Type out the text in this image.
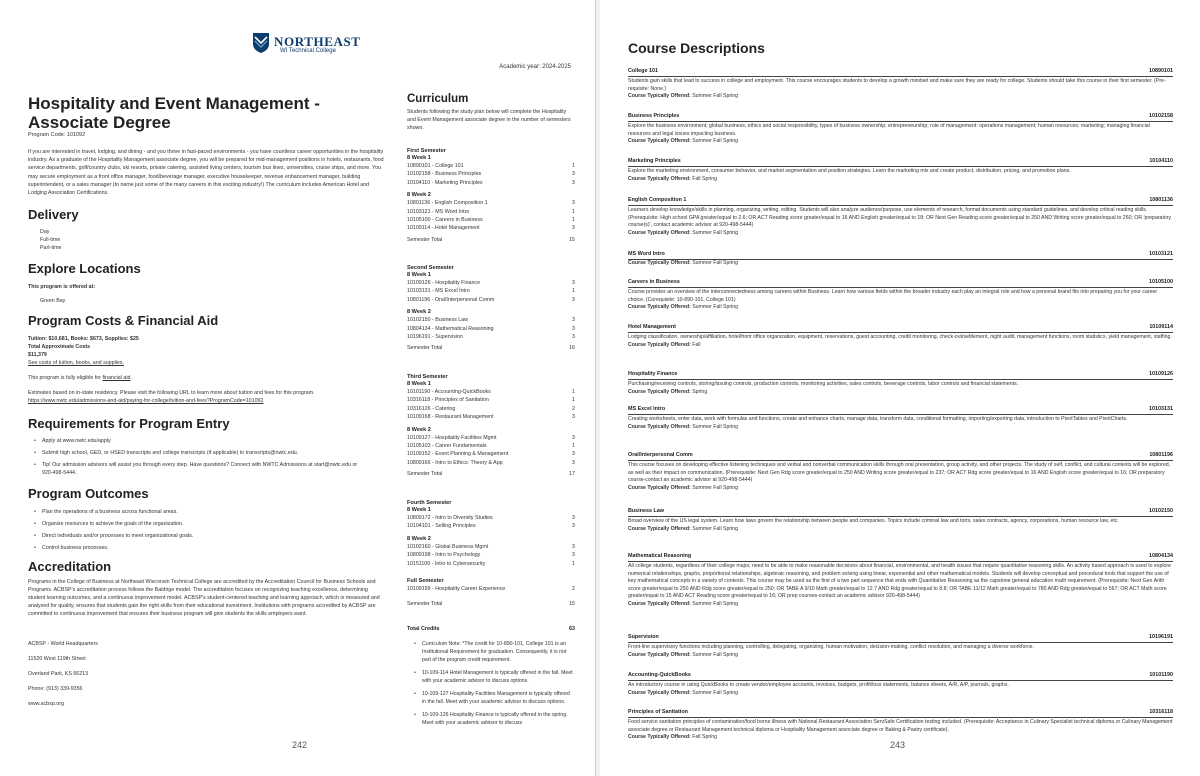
NORTHEAST
WI Technical College
Academic year: 2024-2025
Hospitality and Event Management - Associate Degree
Program Code: 101092
If you are interested in travel, lodging, and dining - and you thrive in fast-paced environments - you have countless career opportunities in the hospitality industry. As a graduate of the Hospitality Management associate degree, you will be prepared for mid-management positions in hotels, restaurants, food service departments, golf/country clubs, ski resorts, private catering, assisted living centers, tourism bus lines, universities, cruise ships, and more. You may secure employment as a front office manager, food/beverage manager, executive housekeeper, revenue enhancement manager, building superintendent, or a sales manager (to name just some of the many careers in this exciting industry!) The curriculum includes American Hotel and Lodging Association Certifications.
Delivery
Day
Full-time
Part-time
Explore Locations
This program is offered at:
Green Bay
Program Costs & Financial Aid
Tuition: $10,681, Books: $673, Supplies: $25
Total Approximate Costs
$11,379
See costs of tuition, books, and supplies.
This program is fully eligible for financial aid.
Estimates based on in-state residency. Please visit the following URL to learn more about tuition and fees for this program.
https://www.nwtc.edu/admissions-and-aid/paying-for-college/tuition-and-fees?ProgramCode=101092
Requirements for Program Entry
• Apply at www.nwtc.edu/apply
• Submit high school, GED, or HSED transcripts and college transcripts (if applicable) to transcripts@nwtc.edu.
• Tip! Our admission advisors will assist you through every step. Have questions? Connect with NWTC Admissions at start@nwtc.edu or 920-498-5444.
Program Outcomes
• Plan the operations of a business across functional areas.
• Organize resources to achieve the goals of the organization.
• Direct individuals and/or processes to meet organizational goals.
• Control business processes.
Accreditation
Programs in the College of Business at Northeast Wisconsin Technical College are accredited by the Accreditation Council for Business Schools and Programs. ACBSP's accreditation process follows the Baldrige model. The accreditation focuses on recognizing teaching excellence, determining student learning outcomes, and a continuous improvement model. ACBSP's student-centered teaching and learning approach, which is measured and analyzed for quality, ensures that students gain the right skills from their educational investment. Institutions with programs accredited by ACBSP are committed to continuous improvement that ensures their business program will give students the skills employers want.
ACBSP - World Headquarters
11520 West 119th Street
Overland Park, KS 66213
Phone: (913) 339-9356
www.acbsp.org
Curriculum
Students following the study plan below will complete the Hospitality and Event Management associate degree in the number of semesters shown.
First Semester
8 Week 1
10890101 - College 101	1
10102158 - Business Principles	3
10104110 - Marketing Principles	3
8 Week 2
10801136 - English Composition 1	3
10103121 - MS Word Intro	1
10105100 - Careers in Business	1
10109114 - Hotel Management	3
Semester Total	15
Second Semester
8 Week 1
10109126 - Hospitality Finance	3
10103131 - MS Excel Intro	1
10801196 - Oral/Interpersonal Comm	3
8 Week 2
10102150 - Business Law	3
10804134 - Mathematical Reasoning	3
10196191 - Supervision	3
Semester Total	16
Third Semester
8 Week 1
10101190 - Accounting-QuickBooks	1
10316118 - Principles of Sanitation	1
10316126 - Catering	2
10109168 - Restaurant Management	3
8 Week 2
10109127 - Hospitality Facilities Mgmt	3
10105103 - Career Fundamentals	1
10109152 - Event Planning & Management	3
10809166 - Intro to Ethics: Theory & App	3
Semester Total	17
Fourth Semester
8 Week 1
10809172 - Intro to Diversity Studies	3
10104101 - Selling Principles	3
8 Week 2
10102160 - Global Business Mgmt	3
10809198 - Intro to Psychology	3
10151100 - Intro to Cybersecurity	1
Full Semester
10109199 - Hospitality Career Experience	2
Semester Total	15
Total Credits	63
• Curriculum Note: *The credit for 10-890-101, College 101 is an Institutional Requirement for graduation. Consequently, it is not part of the program credit requirement.
• 10-109-114 Hotel Management is typically offered in the fall. Meet with your academic advisor to discuss options.
• 10-109-127 Hospitality Facilities Management is typically offered in the fall. Meet with your academic advisor to discuss options.
• 10-109-126 Hospitality Finance is typically offered in the spring. Meet with your academic advisor to discuss
242
Course Descriptions
College 101	10890101
Students gain skills that lead to success in college and employment. This course encourages students to develop a growth mindset and make sure they are ready for college. Students should take this course in their first semester. (Pre-requisite: None.)
Course Typically Offered: Summer Fall Spring
Business Principles	10102158
Explore the business environment; global business, ethics and social responsibility, types of business ownership; entrepreneurship; role of management: operations management; human resources; marketing; managing financial resources and legal issues impacting business.
Course Typically Offered: Summer Fall Spring
Marketing Principles	10104110
Explore the marketing environment, consumer behavior, and market segmentation and position strategies. Learn the marketing mix and create product, distribution, pricing, and promotion plans.
Course Typically Offered: Fall Spring
English Composition 1	10801136
Learners develop knowledge/skills in planning, organizing, writing, editing. Students will also analyze audience/purpose, use elements of research, format documents using standard guidelines, and develop critical reading skills. (Prerequisite: High school GPA greater/equal to 2.6; OR ACT Reading score greater/equal to 16 AND English greater/equal to 18; OR Next Gen Reading score greater/equal to 250 AND Writing score greater/equal to 260; OR 'preparatory course(s)', contact academic advisor at 920-498-5444)
Course Typically Offered: Summer Fall Spring
MS Word Intro	10103121
Course Typically Offered: Summer Fall Spring
Careers in Business	10105100
Course provides an overview of the interconnectedness among careers within Business. Learn how various fields within the broader industry each play an integral role and how a personal brand fits into preparing you for your career choice. (Corequisite: 10-890-101, College 101)
Course Typically Offered: Summer Fall Spring
Hotel Management	10109114
Lodging classification, ownership/affiliation, hotel/front office organization, equipment, reservations, guest accounting, credit monitoring, check-out/settlement, night audit, management functions, room statistics, yield management, staffing.
Course Typically Offered: Fall
Hospitality Finance	10109126
Purchasing/receiving controls, storing/issuing controls, production controls, monitoring activities, sales controls, beverage controls, labor controls and financial statements.
Course Typically Offered: Spring
MS Excel Intro	10103131
Creating worksheets, enter data, work with formulas and functions, create and enhance charts, manage data, transform data, conditional formatting, importing/exporting data, introduction to PivotTables and PivotCharts.
Course Typically Offered: Summer Fall Spring
Oral/Interpersonal Comm	10801196
This course focuses on developing effective listening techniques and verbal and nonverbal communication skills through oral presentation, group activity, and other projects. The study of self, conflict, and cultural contexts will be explored, as well as their impact on communication. (Prerequisite: Next Gen Rdg score greater/equal to 250 AND Writing score greater/equal to 237; OR ACT Rdg score greater/equal to 16 AND English score greater/equal to 16; OR preparatory course-contact an academic advisor at 920-498-5444)
Course Typically Offered: Summer Fall Spring
Business Law	10102150
Broad overview of the US legal system. Learn how laws govern the relationship between people and companies. Topics include criminal law and torts, sales contracts, agency, corporations, human resource law, etc.
Course Typically Offered: Summer Fall Spring
Mathematical Reasoning	10804134
All college students, regardless of their college major, need to be able to make reasonable decisions about financial, environmental, and health issues that require quantitative reasoning skills. An activity based approach is used to explore numerical relationships, graphs, proportional relationships, algebraic reasoning, and problem solving using linear, exponential and other mathematical models. Students will develop conceptual and procedural tools that support the use of key mathematical concepts in a variety of contexts. This course may be used as the first of a two part sequence that ends with Quantitative Reasoning as the capstone general education math requirement. (Prerequisite: Next Gen Arith score greater/equal to 250 AND Rdg score greater/equal to 250; OR TABE A 9/10 Math greater/equal to 12.7 AND Rdg greater/equal to 8.8; OR TABE 11/12 Math greater/equal to 780 AND Rdg greater/equal to 567; OR ACT Math score greater/equal to 15 AND ACT Reading score greater/equal to 16; OR prep courses-contact an academic advisor 920-498-5444)
Course Typically Offered: Summer Fall Spring
Supervision	10196191
Front-line supervisory functions including planning, controlling, delegating, organizing, human motivation, decision-making, conflict resolution, and managing a diverse workforce.
Course Typically Offered: Summer Fall Spring
Accounting-QuickBooks	10101190
An introductory course in using QuickBooks to create vendor/employee accounts, invoices, budgets, profit/loss statements, balance sheets, A/R, A/P, journals, graphs.
Course Typically Offered: Summer Fall Spring
Principles of Sanitation	10316118
Food service sanitation principles of contamination/food borne illness with National Restaurant Association ServSafe Certification testing included. (Prerequisite: Acceptance in Culinary Specialist technical diploma or Culinary Management associate degree or Restaurant Management technical diploma or Hospitality Management associate degree or Baking & Pastry certificate).
Course Typically Offered: Fall Spring
243
